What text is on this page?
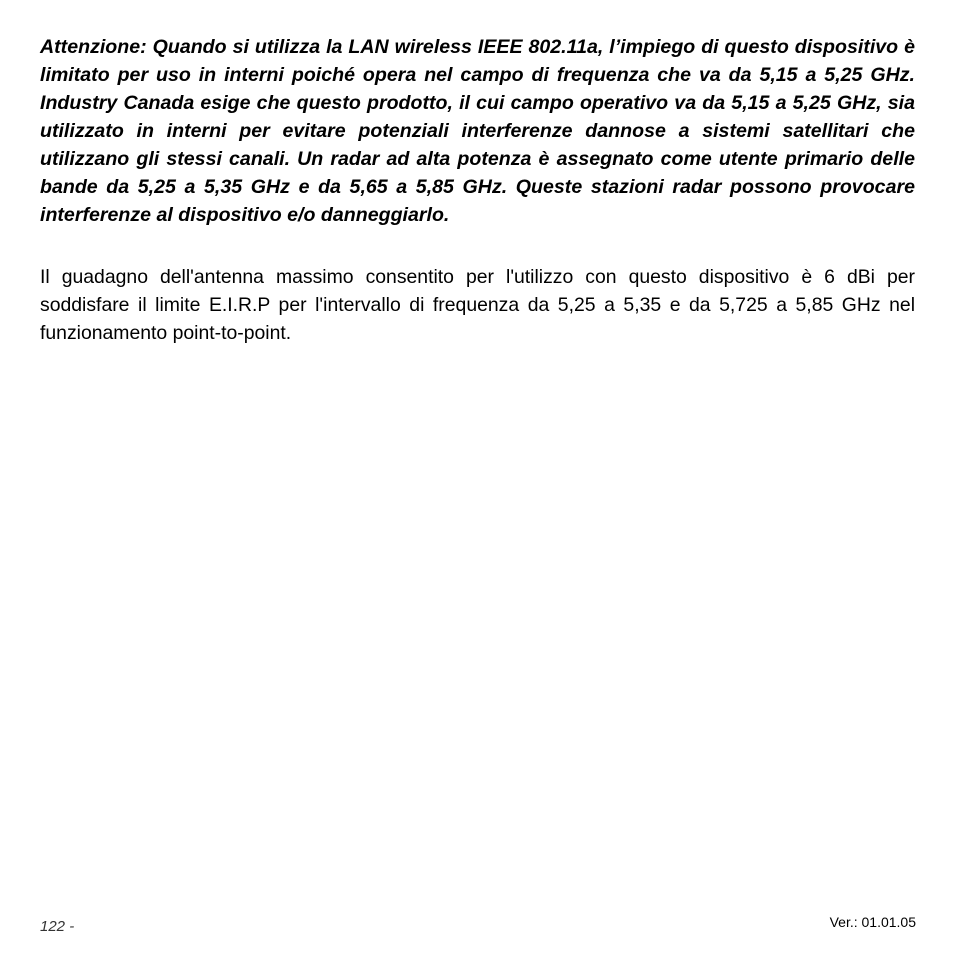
Attenzione: Quando si utilizza la LAN wireless IEEE 802.11a, l’impiego di questo dispositivo è limitato per uso in interni poiché opera nel campo di frequenza che va da 5,15 a 5,25 GHz. Industry Canada esige che questo prodotto, il cui campo operativo va da 5,15 a 5,25 GHz, sia utilizzato in interni per evitare potenziali interferenze dannose a sistemi satellitari che utilizzano gli stessi canali. Un radar ad alta potenza è assegnato come utente primario delle bande da 5,25 a 5,35 GHz e da 5,65 a 5,85 GHz. Queste stazioni radar possono provocare interferenze al dispositivo e/o danneggiarlo.

Il guadagno dell'antenna massimo consentito per l'utilizzo con questo dispositivo è 6 dBi per soddisfare il limite E.I.R.P per l'intervallo di frequenza da 5,25 a 5,35 e da 5,725 a 5,85 GHz nel funzionamento point-to-point.

122 -	Ver.: 01.01.05
